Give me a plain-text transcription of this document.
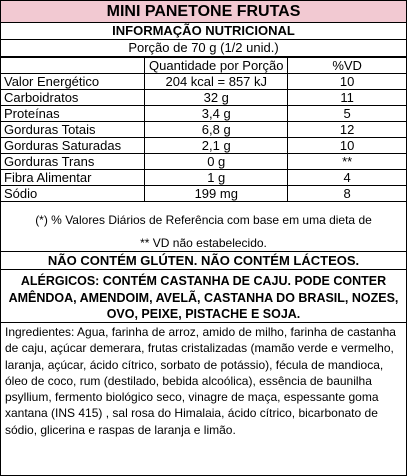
MINI PANETONE FRUTAS
INFORMAÇÃO NUTRICIONAL
Porção de 70 g (1/2 unid.)
	Quantidade por Porção	%VD
Valor Energético	204 kcal = 857 kJ	10
Carboidratos	32 g	11
Proteínas	3,4 g	5
Gorduras Totais	6,8 g	12
Gorduras Saturadas	2,1 g	10
Gorduras Trans	0 g	**
Fibra Alimentar	1 g	4
Sódio	199 mg	8
(*) % Valores Diários de Referência com base em uma dieta de
** VD não estabelecido.
NÃO CONTÉM GLÚTEN. NÃO CONTÉM LÁCTEOS.
ALÉRGICOS: CONTÉM CASTANHA DE CAJU. PODE CONTER AMÊNDOA, AMENDOIM, AVELÃ, CASTANHA DO BRASIL, NOZES, OVO, PEIXE, PISTACHE E SOJA.
Ingredientes: Agua, farinha de arroz, amido de milho, farinha de castanha de caju, açúcar demerara, frutas cristalizadas (mamão verde e vermelho, laranja, açúcar, ácido cítrico, sorbato de potássio), fécula de mandioca, óleo de coco, rum (destilado, bebida alcoólica), essência de baunilha psyllium, fermento biológico seco, vinagre de maça, espessante goma xantana (INS 415) , sal rosa do Himalaia, ácido cítrico, bicarbonato de sódio, glicerina e raspas de laranja e limão.
